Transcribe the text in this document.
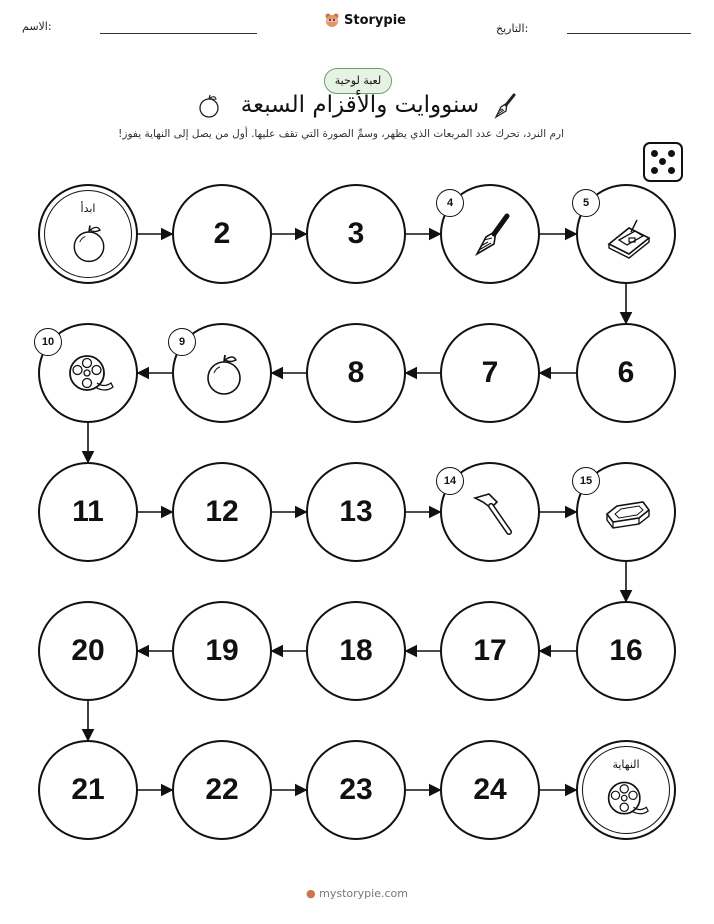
الاسم:	Storypie
التاريخ:
لعبة لوحية
سنووايت والأقزام السبعة
ارم النرد، تحرك عدد المربعات الذي يظهر، وسمِّ الصورة التي تقف عليها. أول من يصل إلى النهاية يفوز!
ابدأ
2	3
4	5
6
7
8
9
10
11	12	13
14	15
16
17
18
19
20
21	22	23	24
النهاية
● mystorypie.com
